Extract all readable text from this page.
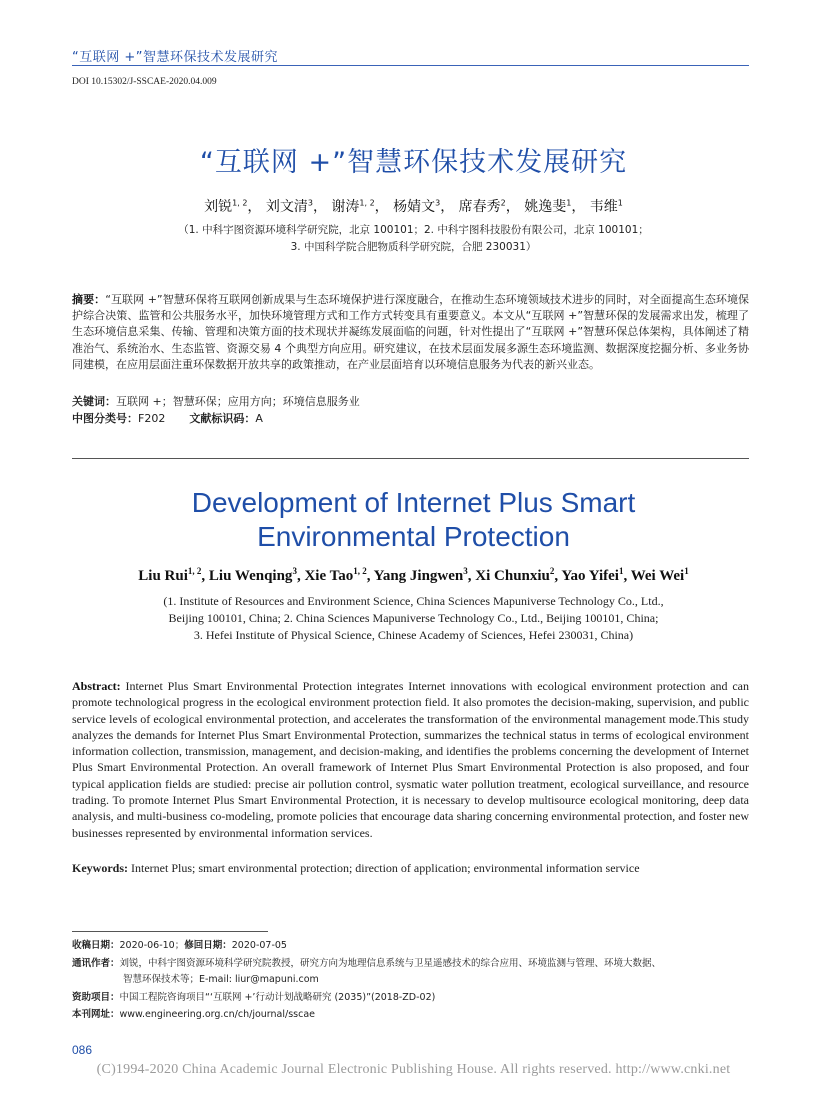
“互联网 +”智慧环保技术发展研究
DOI 10.15302/J-SSCAE-2020.04.009
“互联网 +”智慧环保技术发展研究
刘锐$^{1, 2}$， 刘文清$^3$， 谢涛$^{1, 2}$， 杨婧文$^3$， 席春秀$^2$， 姚逸斐$^1$， 韦维$^1$
（1. 中科宇图资源环境科学研究院，北京 100101；2. 中科宇图科技股份有限公司，北京 100101；
3. 中国科学院合肥物质科学研究院，合肥 230031）
摘要：“互联网 +”智慧环保将互联网创新成果与生态环境保护进行深度融合，在推动生态环境领域技术进步的同时，对全面提高生态环境保护综合决策、监管和公共服务水平，加快环境管理方式和工作方式转变具有重要意义。本文从“互联网 +”智慧环保的发展需求出发，梳理了生态环境信息采集、传输、管理和决策方面的技术现状并凝练发展面临的问题，针对性提出了“互联网 +”智慧环保总体架构，具体阐述了精准治气、系统治水、生态监管、资源交易 4 个典型方向应用。研究建议，在技术层面发展多源生态环境监测、数据深度挖掘分析、多业务协同建模，在应用层面注重环保数据开放共享的政策推动，在产业层面培育以环境信息服务为代表的新兴业态。
关键词：互联网 +；智慧环保；应用方向；环境信息服务业
中图分类号：F202 文献标识码：A
Development of Internet Plus Smart
Environmental Protection
Liu Rui$^{1, 2}$, Liu Wenqing$^3$, Xie Tao$^{1, 2}$, Yang Jingwen$^3$, Xi Chunxiu$^2$, Yao Yifei$^1$, Wei Wei$^1$
(1. Institute of Resources and Environment Science, China Sciences Mapuniverse Technology Co., Ltd.,
Beijing 100101, China; 2. China Sciences Mapuniverse Technology Co., Ltd., Beijing 100101, China;
3. Hefei Institute of Physical Science, Chinese Academy of Sciences, Hefei 230031, China)
Abstract: Internet Plus Smart Environmental Protection integrates Internet innovations with ecological environment protection and can promote technological progress in the ecological environment protection field. It also promotes the decision-making, supervision, and public service levels of ecological environmental protection, and accelerates the transformation of the environmental management mode.This study analyzes the demands for Internet Plus Smart Environmental Protection, summarizes the technical status in terms of ecological environment information collection, transmission, management, and decision-making, and identifies the problems concerning the development of Internet Plus Smart Environmental Protection. An overall framework of Internet Plus Smart Environmental Protection is also proposed, and four typical application fields are studied: precise air pollution control, sysmatic water pollution treatment, ecological surveillance, and resource trading. To promote Internet Plus Smart Environmental Protection, it is necessary to develop multisource ecological monitoring, deep data analysis, and multi-business co-modeling, promote policies that encourage data sharing concerning environmental protection, and foster new businesses represented by environmental information services.
Keywords: Internet Plus; smart environmental protection; direction of application; environmental information service
收稿日期：2020-06-10；修回日期：2020-07-05
通讯作者：刘锐，中科宇图资源环境科学研究院教授，研究方向为地理信息系统与卫星遥感技术的综合应用、环境监测与管理、环境大数据、
智慧环保技术等；E-mail: liur@mapuni.com
资助项目：中国工程院咨询项目“‘互联网 +’行动计划战略研究 (2035)”(2018-ZD-02)
本刊网址：www.engineering.org.cn/ch/journal/sscae
086
(C)1994-2020 China Academic Journal Electronic Publishing House. All rights reserved. http://www.cnki.net
